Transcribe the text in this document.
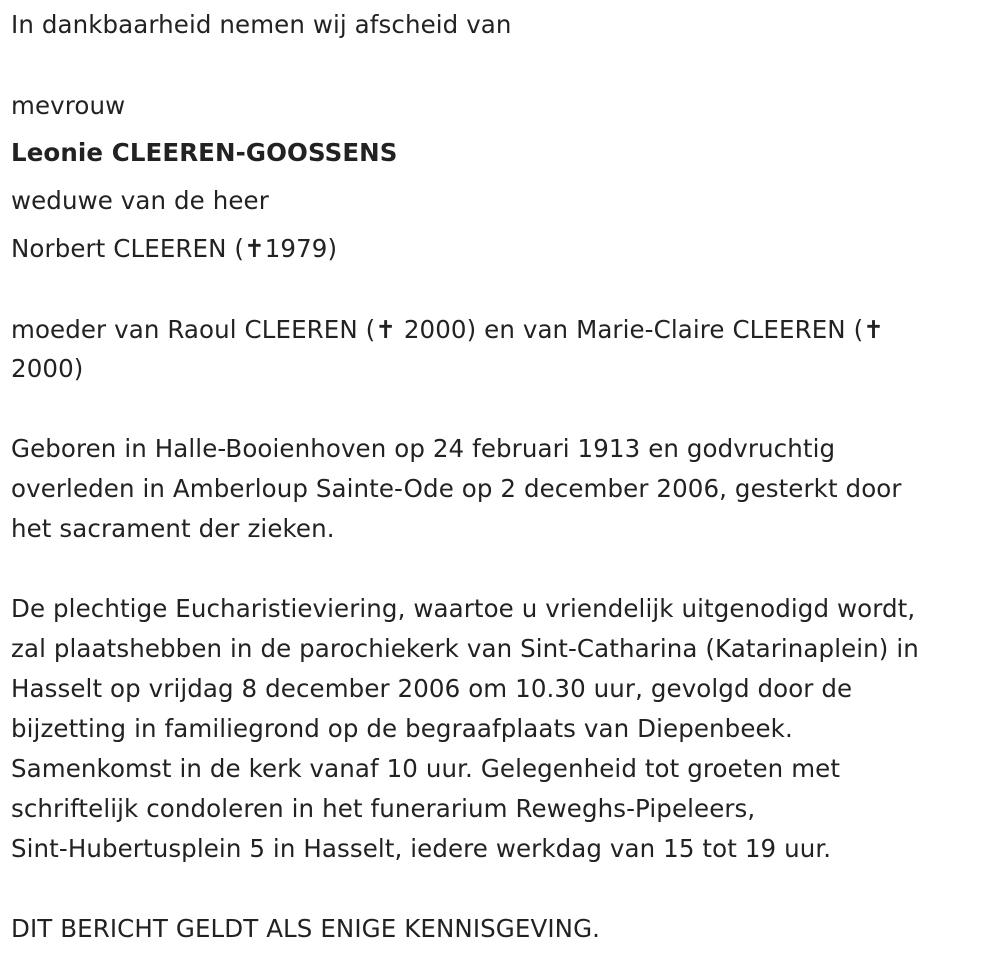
In dankbaarheid nemen wij afscheid van
mevrouw
Leonie CLEEREN-GOOSSENS
weduwe van de heer
Norbert CLEEREN (✝1979)
moeder van Raoul CLEEREN (✝ 2000) en van Marie-Claire CLEEREN (✝
2000)
Geboren in Halle-Booienhoven op 24 februari 1913 en godvruchtig
overleden in Amberloup Sainte-Ode op 2 december 2006, gesterkt door
het sacrament der zieken.
De plechtige Eucharistieviering, waartoe u vriendelijk uitgenodigd wordt,
zal plaatshebben in de parochiekerk van Sint-Catharina (Katarinaplein) in
Hasselt op vrijdag 8 december 2006 om 10.30 uur, gevolgd door de
bijzetting in familiegrond op de begraafplaats van Diepenbeek.
Samenkomst in de kerk vanaf 10 uur. Gelegenheid tot groeten met
schriftelijk condoleren in het funerarium Reweghs-Pipeleers,
Sint-Hubertusplein 5 in Hasselt, iedere werkdag van 15 tot 19 uur.
DIT BERICHT GELDT ALS ENIGE KENNISGEVING.
